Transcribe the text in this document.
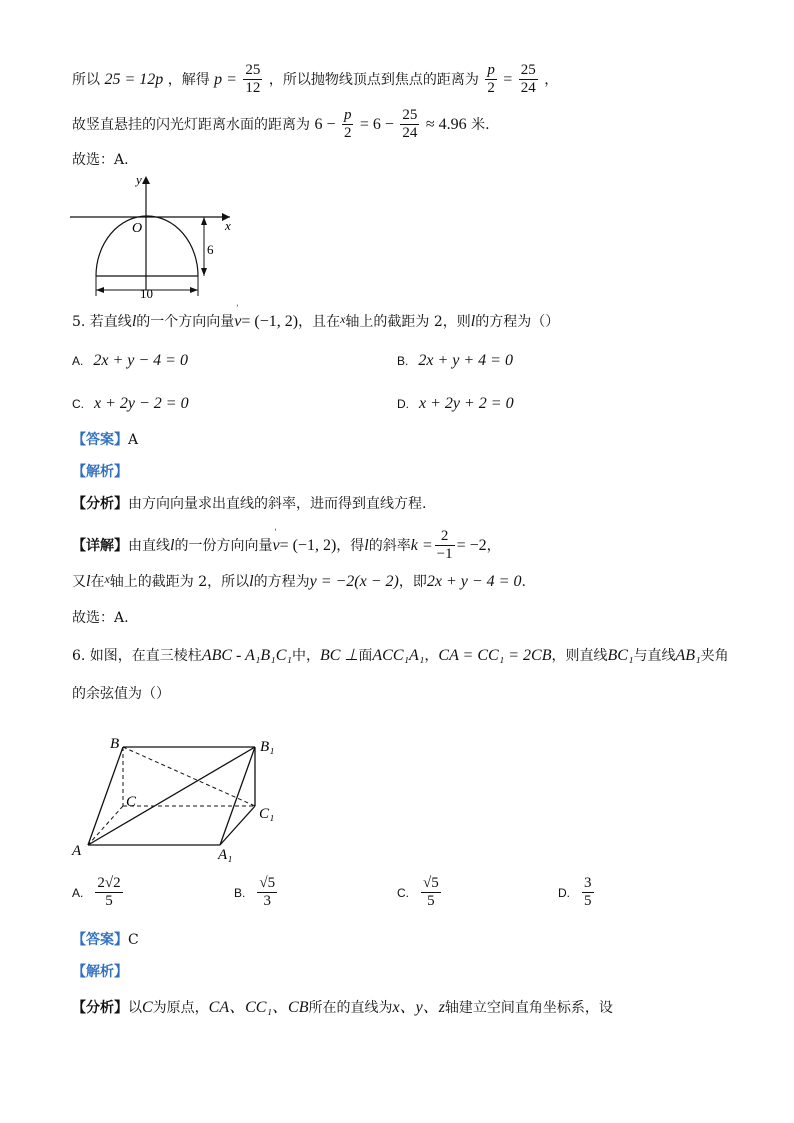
所以 25 = 12p ，解得 $p = \frac{25}{12}$ ，所以抛物线顶点到焦点的距离为 $\frac{p}{2} = \frac{25}{24}$ ，
故竖直悬挂的闪光灯距离水面的距离为 $6 - \frac{p}{2} = 6 - \frac{25}{24} \approx 4.96$ 米.
故选：A.
y
x
O
6
10
5. 若直线l的一个方向向量
ˈ
v= (−1, 2)，且在x轴上的截距为 2，则l的方程为（）
A. 2x + y − 4 = 0	B. 2x + y + 4 = 0
C. x + 2y − 2 = 0	D. x + 2y + 2 = 0
【答案】A
【解析】
【分析】由方向向量求出直线的斜率，进而得到直线方程.
【详解】由直线l的一份方向向量
ˈ
v= (−1, 2)，得l的斜率$k = \frac{2}{-1} = -2$，
又l在x轴上的截距为 2，所以l的方程为y = −2(x − 2)，即2x + y − 4 = 0.
故选：A.
6. 如图，在直三棱柱ABC - A₁B₁C₁中，BC ⊥面ACC₁A₁，CA = CC₁ = 2CB，则直线BC₁与直线AB₁夹角
的余弦值为（）
B	B₁
C
C₁
A	A₁
A. $\frac{2√2}{5}$	B. $\frac{√5}{3}$	C. $\frac{√5}{5}$	D. $\frac{3}{5}$
【答案】C
【解析】
【分析】以C为原点，CA、CC₁、CB所在的直线为x、y、z轴建立空间直角坐标系，设
